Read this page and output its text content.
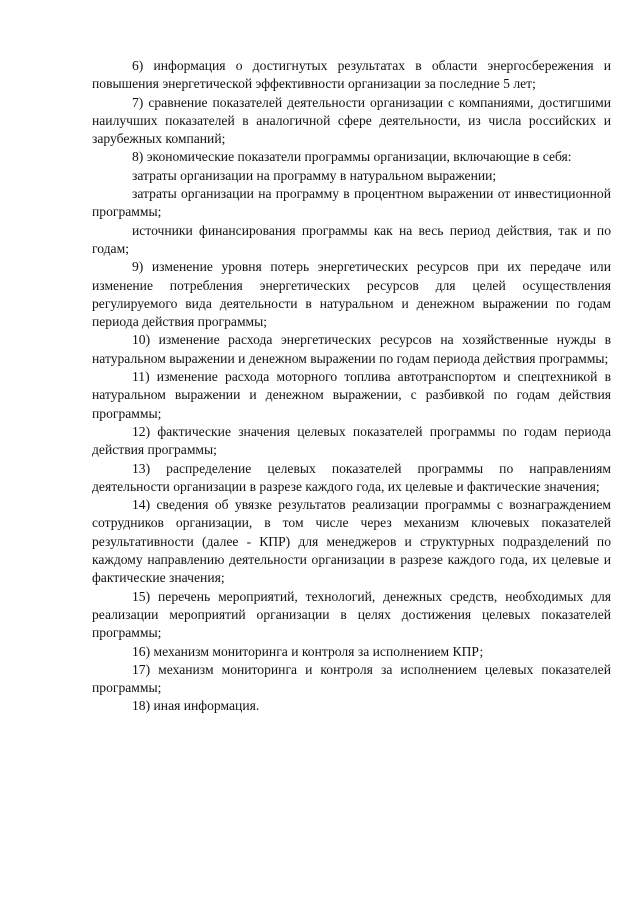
6) информация о достигнутых результатах в области энергосбережения и повышения энергетической эффективности организации за последние 5 лет;

7) сравнение показателей деятельности организации с компаниями, достигшими наилучших показателей в аналогичной сфере деятельности, из числа российских и зарубежных компаний;

8) экономические показатели программы организации, включающие в себя:

затраты организации на программу в натуральном выражении;

затраты организации на программу в процентном выражении от инвестиционной программы;

источники финансирования программы как на весь период действия, так и по годам;

9) изменение уровня потерь энергетических ресурсов при их передаче или изменение потребления энергетических ресурсов для целей осуществления регулируемого вида деятельности в натуральном и денежном выражении по годам периода действия программы;

10) изменение расхода энергетических ресурсов на хозяйственные нужды в натуральном выражении и денежном выражении по годам периода действия программы;

11) изменение расхода моторного топлива автотранспортом и спецтехникой в натуральном выражении и денежном выражении, с разбивкой по годам действия программы;

12) фактические значения целевых показателей программы по годам периода действия программы;

13) распределение целевых показателей программы по направлениям деятельности организации в разрезе каждого года, их целевые и фактические значения;

14) сведения об увязке результатов реализации программы с вознаграждением сотрудников организации, в том числе через механизм ключевых показателей результативности (далее - КПР) для менеджеров и структурных подразделений по каждому направлению деятельности организации в разрезе каждого года, их целевые и фактические значения;

15) перечень мероприятий, технологий, денежных средств, необходимых для реализации мероприятий организации в целях достижения целевых показателей программы;

16) механизм мониторинга и контроля за исполнением КПР;

17) механизм мониторинга и контроля за исполнением целевых показателей программы;

18) иная информация.
